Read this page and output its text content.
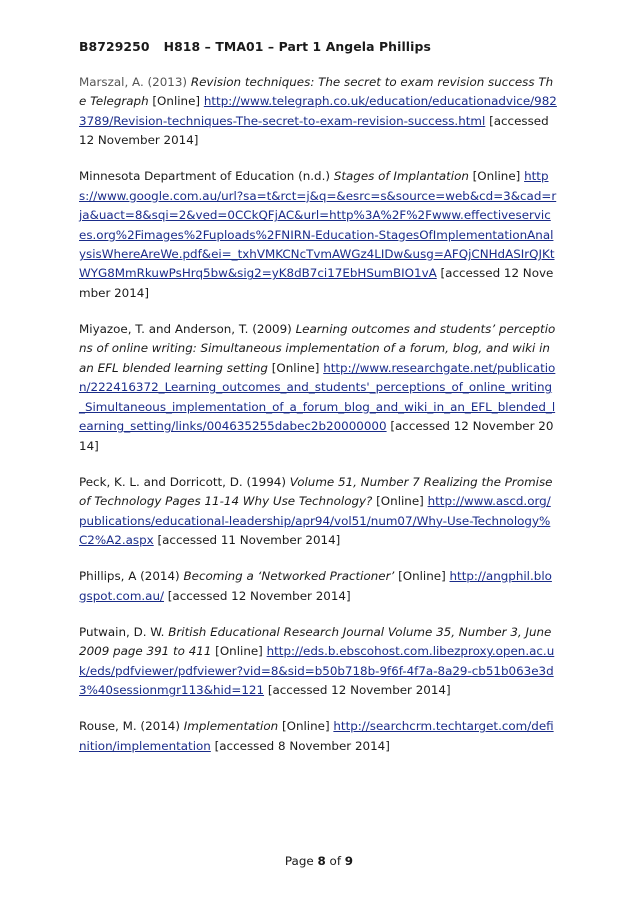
B8729250 H818 – TMA01 – Part 1 Angela Phillips

Marszal, A. (2013) Revision techniques: The secret to exam revision success The Telegraph [Online] http://www.telegraph.co.uk/education/educationadvice/9823789/Revision-techniques-The-secret-to-exam-revision-success.html [accessed 12 November 2014]

Minnesota Department of Education (n.d.) Stages of Implantation [Online] https://www.google.com.au/url?sa=t&rct=j&q=&esrc=s&source=web&cd=3&cad=rja&uact=8&sqi=2&ved=0CCkQFjAC&url=http%3A%2F%2Fwww.effectiveservices.org%2Fimages%2Fuploads%2FNIRN-Education-StagesOfImplementationAnalysisWhereAreWe.pdf&ei=_txhVMKCNcTvmAWGz4LIDw&usg=AFQjCNHdASIrQJKtWYG8MmRkuwPsHrq5bw&sig2=yK8dB7ci17EbHSumBIO1vA [accessed 12 November 2014]

Miyazoe, T. and Anderson, T. (2009) Learning outcomes and students’ perceptions of online writing: Simultaneous implementation of a forum, blog, and wiki in an EFL blended learning setting [Online] http://www.researchgate.net/publication/222416372_Learning_outcomes_and_students'_perceptions_of_online_writing_Simultaneous_implementation_of_a_forum_blog_and_wiki_in_an_EFL_blended_learning_setting/links/004635255dabec2b20000000 [accessed 12 November 2014]

Peck, K. L. and Dorricott, D. (1994) Volume 51, Number 7 Realizing the Promise of Technology Pages 11-14 Why Use Technology? [Online] http://www.ascd.org/publications/educational-leadership/apr94/vol51/num07/Why-Use-Technology%C2%A2.aspx [accessed 11 November 2014]

Phillips, A (2014) Becoming a ‘Networked Practioner’ [Online] http://angphil.blogspot.com.au/ [accessed 12 November 2014]

Putwain, D. W. British Educational Research Journal Volume 35, Number 3, June 2009 page 391 to 411 [Online] http://eds.b.ebscohost.com.libezproxy.open.ac.uk/eds/pdfviewer/pdfviewer?vid=8&sid=b50b718b-9f6f-4f7a-8a29-cb51b063e3d3%40sessionmgr113&hid=121 [accessed 12 November 2014]

Rouse, M. (2014) Implementation [Online] http://searchcrm.techtarget.com/definition/implementation [accessed 8 November 2014]

Page 8 of 9
